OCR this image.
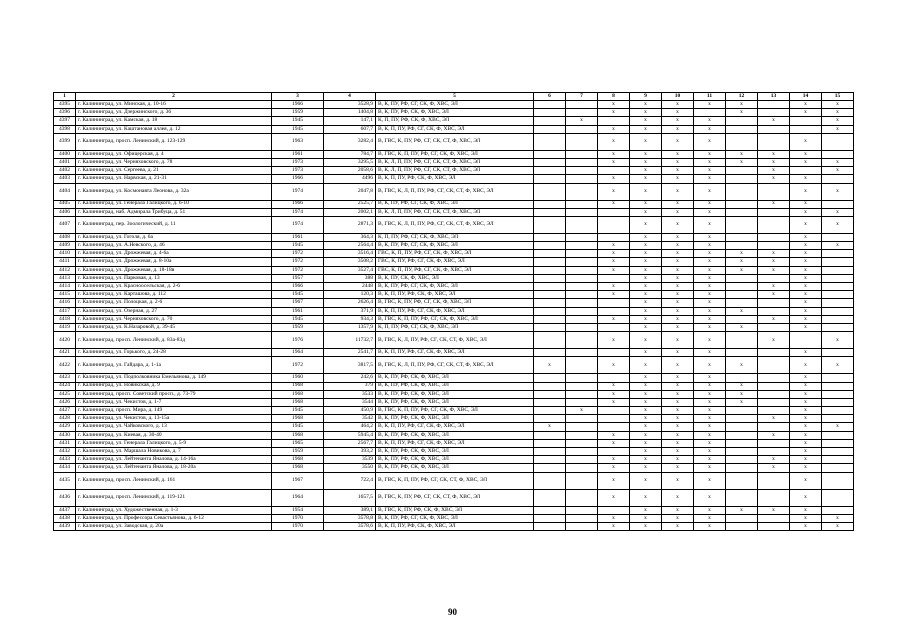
1	2	3	4	5	6	7	8	9	10	11	12	13	14	15
4395	г. Калининград, ул. Минская, д. 10-16	1966	3528,9	В, К, ПУ, РФ, СГ, СК, Ф, ХВС, ЭЛ			x	x	x	x	x		x	x
4396	г. Калининград, ул. Дзержинского, д. 36	1959	1404,8	В, К, ПУ, РФ, СК, Ф, ХВС, ЭЛ			x	x	x		x		x	x
4397	г. Калининград, ул. Камская, д. 18	1945	147,1	К, П, ПУ, РФ, СК, Ф, ХВС, ЭЛ		x		x	x	x		x		x
4398	г. Калининград, ул. Каштановая аллея, д. 12	1945	607,7	В, К, П, ПУ, РФ, СГ, СК, Ф, ХВС, ЭЛ			x	x	x	x				x
4399	г. Калининград, просп. Ленинский, д. 123-129	1963	3282,4	В, ГВС, К, ПУ, РФ, СГ, СК, СТ, Ф, ХВС, ЭЛ			x	x	x	x			x	
4400	г. Калининград, ул. Офицерская, д. 4	1961	784,7	В, ГВС, К, П, ПУ, РФ, СГ, СК, Ф, ХВС, ЭЛ			x	x	x	x	x	x	x	
4401	г. Калининград, ул. Черняховского, д. 78	1973	3295,5	В, К, Л, П, ПУ, РФ, СГ, СК, СТ, Ф, ХВС, ЭЛ			x	x	x	x	x	x	x	x
4402	г. Калининград, ул. Сергеева, д. 21	1973	2058,6	В, К, Л, П, ПУ, РФ, СГ, СК, СТ, Ф, ХВС, ЭЛ				x	x	x		x		x
4403	г. Калининград, ул. Нарвская, д. 21-31	1966	4496	В, К, П, ПУ, РФ, СК, Ф, ХВС, ЭЛ			x	x	x	x		x	x	
4404	г. Калининград, ул. Космонавта Леонова, д. 32а	1974	2047,8	В, ГВС, К, Л, П, ПУ, РФ, СГ, СК, СТ, Ф, ХВС, ЭЛ			x	x	x	x			x	x
4405	г. Калининград, ул. Генерала Галицкого, д. 6-10	1966	2525,7	В, К, ПУ, РФ, СГ, СК, Ф, ХВС, ЭЛ			x	x	x	x		x	x	
4406	г. Калининград, наб. Адмирала Трибуца, д. 51	1974	2002,1	В, К, Л, П, ПУ, РФ, СГ, СК, СТ, Ф, ХВС, ЭЛ				x	x	x			x	x
4407	г. Калининград, пер. Зоологический, д. 11	1974	2871,3	В, ГВС, К, Л, П, ПУ, РФ, СГ, СК, СТ, Ф, ХВС, ЭЛ				x	x	x			x	x
4408	г. Калининград, ул. Гоголя, д. 6а	1961	364,3	К, П, ПУ, РФ, СГ, СК, Ф, ХВС, ЭЛ				x	x	x			x	
4409	г. Калининград, ул. А.Невского, д. 46	1945	2564,4	В, К, ПУ, РФ, СГ, СК, Ф, ХВС, ЭЛ			x	x	x	x			x	x
4410	г. Калининград, ул. Дрожжевая, д. 4-6а	1972	3516,4	ГВС, К, П, ПУ, РФ, СГ, СК, Ф, ХВС, ЭЛ			x	x	x	x	x	x	x	
4411	г. Калининград, ул. Дрожжевая, д. 8-10а	1972	3508,2	ГВС, К, ПУ, РФ, СГ, СК, Ф, ХВС, ЭЛ			x	x	x	x	x	x	x	
4412	г. Калининград, ул. Дрожжевая, д. 18-18в	1972	3527,4	ГВС, К, П, ПУ, РФ, СГ, СК, Ф, ХВС, ЭЛ			x	x	x	x	x	x	x	
4413	г. Калининград, ул. Парковая, д. 13	1957	388	В, К, ПУ, СК, Ф, ХВС, ЭЛ				x	x	x			x	
4414	г. Калининград, ул. Краснооселъская, д. 2-6	1966	2448	В, К, ПУ, РФ, СГ, СК, Ф, ХВС, ЭЛ			x	x	x	x		x	x	
4415	г. Калининград, ул. Карташова, д. 112	1945	120,3	В, К, П, ПУ, РФ, СК, Ф, ХВС, ЭЛ			x	x	x	x		x	x	
4416	г. Калининград, ул. Полоцкая, д. 2-6	1967	2626,4	В, ГВС, К, ПУ, РФ, СГ, СК, Ф, ХВС, ЭЛ				x	x	x			x	
4417	г. Калининград, ул. Озерная, д. 27	1961	371,9	В, К, П, ПУ, РФ, СГ, СК, Ф, ХВС, ЭЛ				x	x	x	x		x	
4418	г. Калининград, ул. Черняховского, д. 70	1945	934,3	В, ГВС, К, П, ПУ, РФ, СГ, СК, Ф, ХВС, ЭЛ			x	x	x	x		x	x	
4419	г. Калининград, ул. К.Назаровой, д. 39-45	1959	1357,9	К, П, ПУ, РФ, СГ, СК, Ф, ХВС, ЭЛ				x	x	x	x		x	
4420	г. Калининград, просп. Ленинский, д. 83а-83д	1976	11732,7	В, ГВС, К, Л, ПУ, РФ, СГ, СК, СТ, Ф, ХВС, ЭЛ			x	x	x	x		x		x
4421	г. Калининград, ул. Горького, д. 24-28	1964	2541,7	В, К, П, ПУ, РФ, СГ, СК, Ф, ХВС, ЭЛ				x	x	x			x	
4422	г. Калининград, ул. Гайдара, д. 1-1а	1972	3817,5	В, ГВС, К, Л, П, ПУ, РФ, СГ, СК, СТ, Ф, ХВС, ЭЛ	x		x	x	x	x	x		x	x
4423	г. Калининград, ул. Подполковника Емельянова, д. 149	1960	242,6	В, К, ПУ, РФ, СК, Ф, ХВС, ЭЛ				x	x	x			x	
4424	г. Калининград, ул. Новикская, д. 9	1968	379	В, К, ПУ, РФ, СК, Ф, ХВС, ЭЛ			x	x	x	x	x		x	
4425	г. Калининград, просп. Советский просп., д. 73-79	1968	3533	В, К, ПУ, РФ, СК, Ф, ХВС, ЭЛ			x	x	x	x	x		x	
4426	г. Калининград, ул. Чекистов, д. 1-7	1968	3544	В, К, ПУ, РФ, СК, Ф, ХВС, ЭЛ			x	x	x	x	x		x	
4427	г. Калининград, просп. Мира, д. 149	1945	450,9	В, ГВС, К, П, ПУ, РФ, СГ, СК, Ф, ХВС, ЭЛ		x		x	x	x			x	
4428	г. Калининград, ул. Чекистов, д. 13-15а	1968	3542	В, К, ПУ, РФ, СК, Ф, ХВС, ЭЛ				x	x	x		x	x	
4429	г. Калининград, ул. Чайковского, д. 13	1945	464,2	В, К, П, ПУ, РФ, СГ, СК, Ф, ХВС, ЭЛ	x			x	x	x			x	x
4430	г. Калининград, ул. Киевая, д. 30-40	1968	5945,4	В, К, ПУ, РФ, СК, Ф, ХВС, ЭЛ			x	x	x	x		x	x	
4431	г. Калининград, ул. Генерала Галицкого, д. 5-9	1965	2567,7	В, К, П, ПУ, РФ, СГ, СК, Ф, ХВС, ЭЛ			x	x	x	x			x	
4432	г. Калининград, ул. Маршала Новикова, д. 7	1959	393,2	В, К, ПУ, РФ, СК, Ф, ХВС, ЭЛ				x	x	x			x	
4433	г. Калининград, ул. Лейтенанта Яналова, д. 14-16а	1968	3539	В, К, ПУ, РФ, СК, Ф, ХВС, ЭЛ			x	x	x	x		x	x	
4434	г. Калининград, ул. Лейтенанта Яналова, д. 18-20а	1968	3550	В, К, ПУ, РФ, СК, Ф, ХВС, ЭЛ			x	x	x	x		x	x	
4435	г. Калининград, просп. Ленинский, д. 161	1967	722,4	В, ГВС, К, П, ПУ, РФ, СГ, СК, СТ, Ф, ХВС, ЭЛ			x	x	x	x			x	
4436	г. Калининград, просп. Ленинский, д. 119-121	1964	1657,5	В, ГВС, К, ПУ, РФ, СГ, СК, СТ, Ф, ХВС, ЭЛ			x	x	x	x			x	
4437	г. Калининград, ул. Художественная, д. 1-3	1954	389,1	В, ГВС, К, ПУ, РФ, СК, Ф, ХВС, ЭЛ				x	x	x	x	x	x	
4438	г. Калининград, ул. Профессора Севастьянова, д. 6-12	1970	3578,8	В, К, ПУ, РФ, СГ, СК, Ф, ХВС, ЭЛ			x	x	x	x			x	x
4439	г. Калининград, ул. Заводская, д. 20а	1970	3578,6	В, К, П, ПУ, РФ, СК, Ф, ХВС, ЭЛ			x	x	x	x			x	x
90
